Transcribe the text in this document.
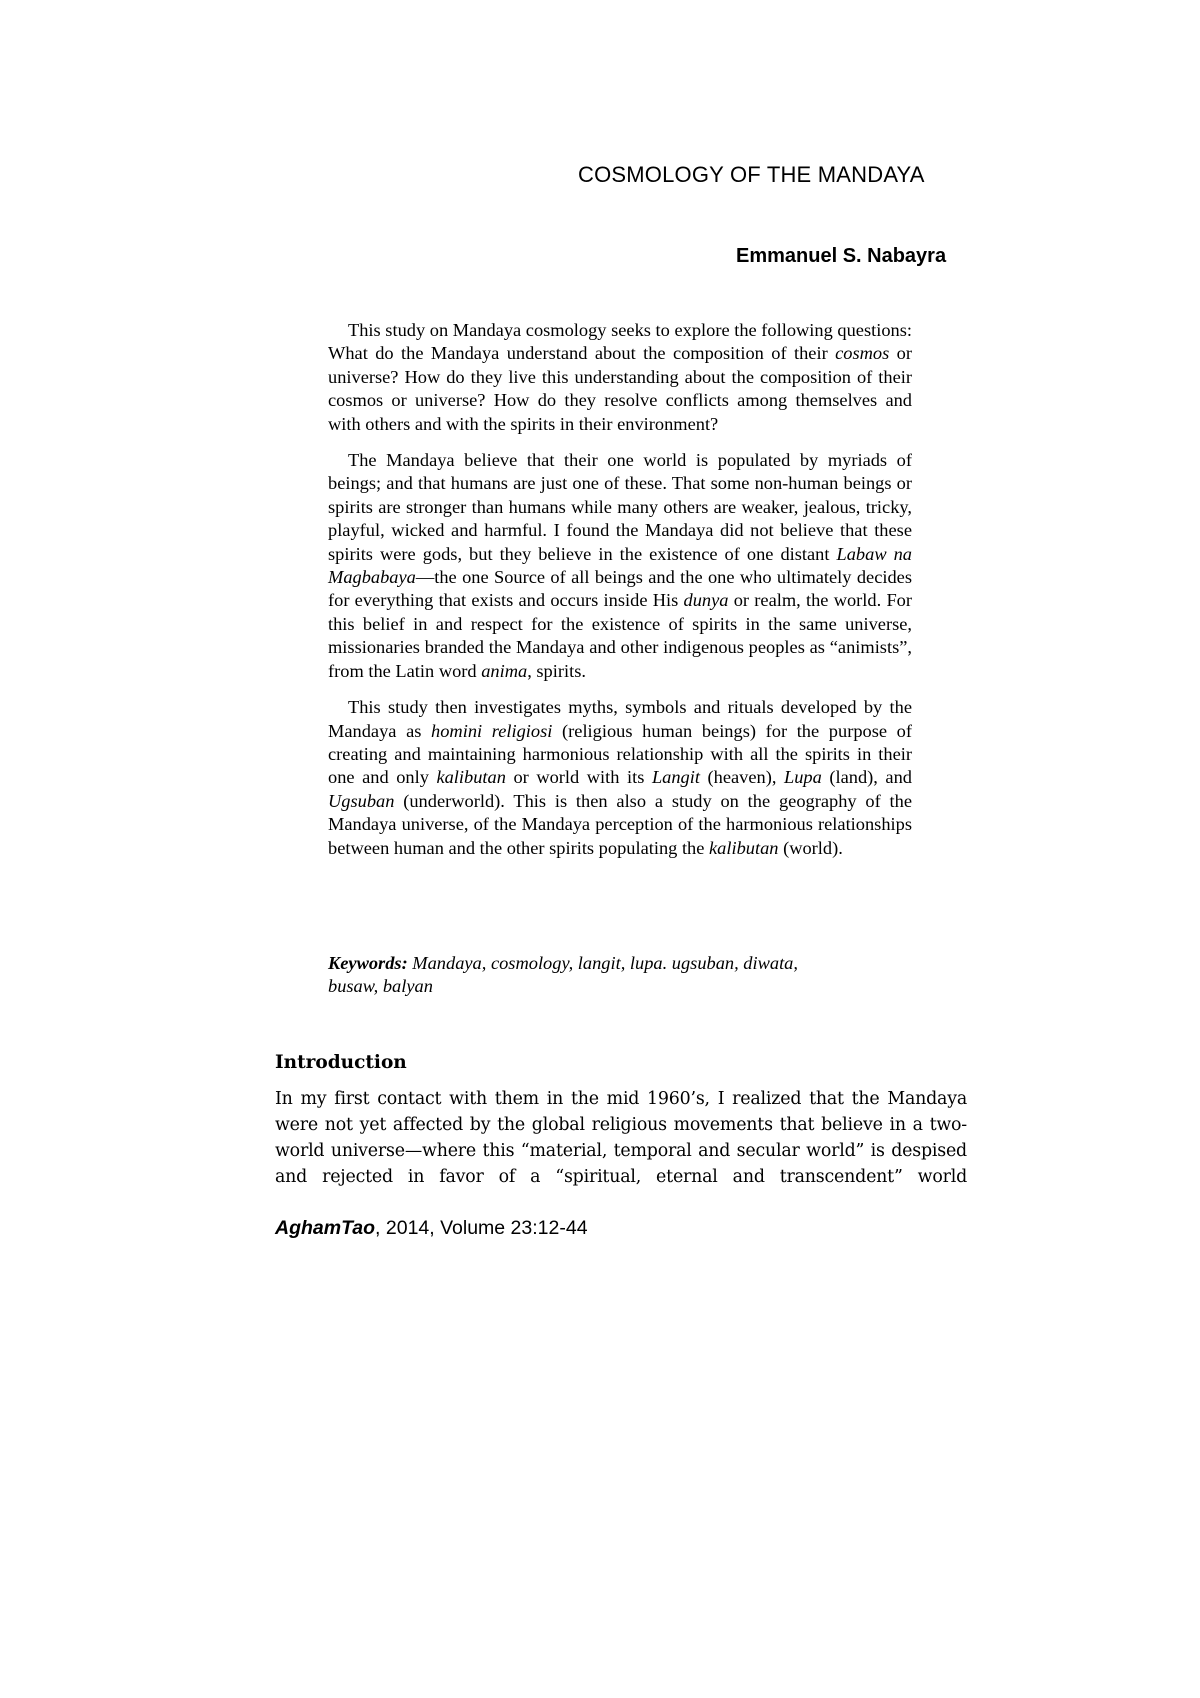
COSMOLOGY OF THE MANDAYA
Emmanuel S. Nabayra

This study on Mandaya cosmology seeks to explore the following questions: What do the Mandaya understand about the composition of their cosmos or universe? How do they live this understanding about the composition of their cosmos or universe? How do they resolve conflicts among themselves and with others and with the spirits in their environment?

The Mandaya believe that their one world is populated by myriads of beings; and that humans are just one of these. That some non-human beings or spirits are stronger than humans while many others are weaker, jealous, tricky, playful, wicked and harmful. I found the Mandaya did not believe that these spirits were gods, but they believe in the existence of one distant Labaw na Magbabaya—the one Source of all beings and the one who ultimately decides for everything that exists and occurs inside His dunya or realm, the world. For this belief in and respect for the existence of spirits in the same universe, missionaries branded the Mandaya and other indigenous peoples as “animists”, from the Latin word anima, spirits.

This study then investigates myths, symbols and rituals developed by the Mandaya as homini religiosi (religious human beings) for the purpose of creating and maintaining harmonious relationship with all the spirits in their one and only kalibutan or world with its Langit (heaven), Lupa (land), and Ugsuban (underworld). This is then also a study on the geography of the Mandaya universe, of the Mandaya perception of the harmonious relationships between human and the other spirits populating the kalibutan (world).

Keywords: Mandaya, cosmology, langit, lupa. ugsuban, diwata,
busaw, balyan
Introduction

In my first contact with them in the mid 1960’s, I realized that the Mandaya were not yet affected by the global religious movements that believe in a two-world universe—where this “material, temporal and secular world” is despised and rejected in favor of a “spiritual, eternal and transcendent” world

AghamTao, 2014, Volume 23:12-44
